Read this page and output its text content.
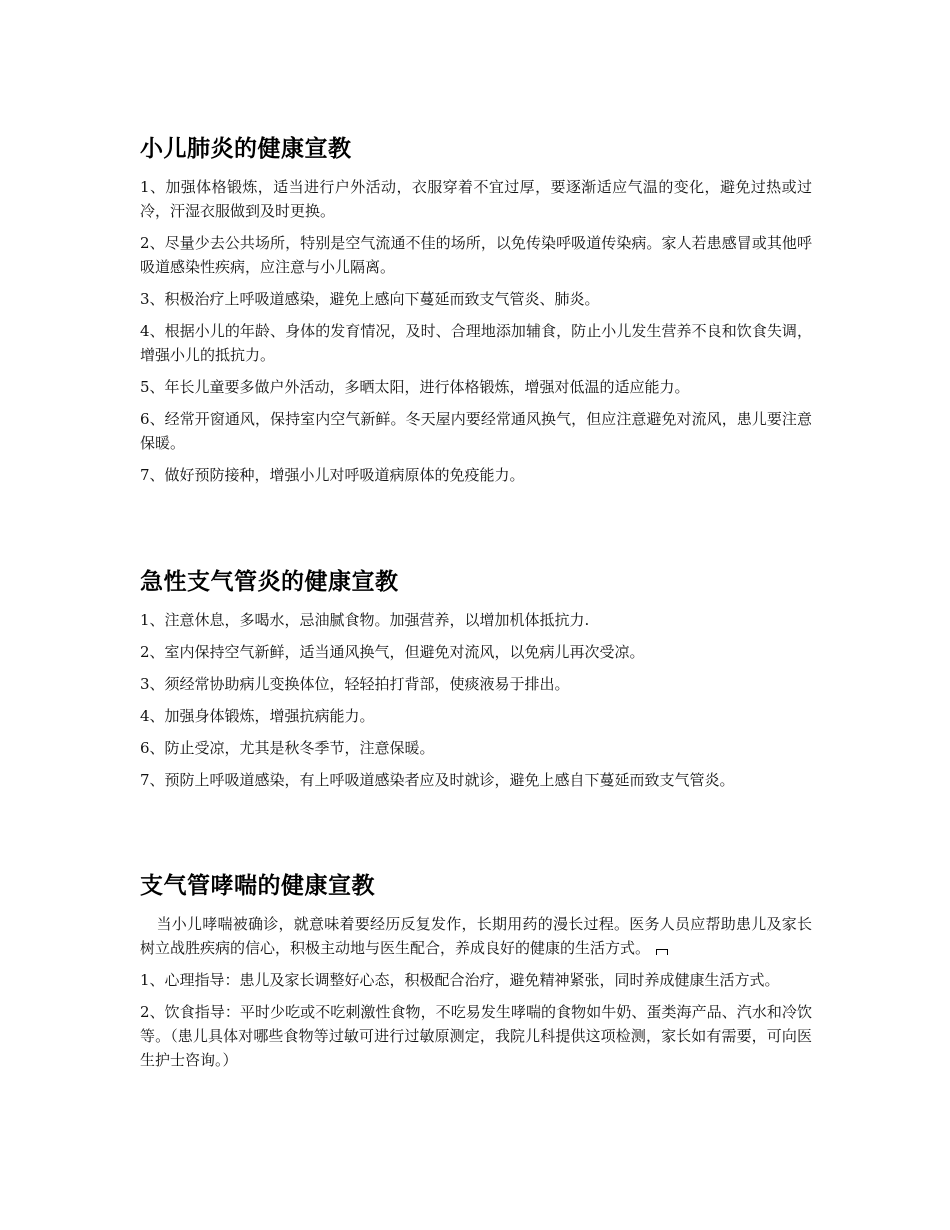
小儿肺炎的健康宣教

1、加强体格锻炼，适当进行户外活动，衣服穿着不宜过厚，要逐渐适应气温的变化，避免过热或过冷，汗湿衣服做到及时更换。

2、尽量少去公共场所，特别是空气流通不佳的场所，以免传染呼吸道传染病。家人若患感冒或其他呼吸道感染性疾病，应注意与小儿隔离。

3、积极治疗上呼吸道感染，避免上感向下蔓延而致支气管炎、肺炎。

4、根据小儿的年龄、身体的发育情况，及时、合理地添加辅食，防止小儿发生营养不良和饮食失调，增强小儿的抵抗力。

5、年长儿童要多做户外活动，多晒太阳，进行体格锻炼，增强对低温的适应能力。

6、经常开窗通风，保持室内空气新鲜。冬天屋内要经常通风换气，但应注意避免对流风，患儿要注意保暖。

7、做好预防接种，增强小儿对呼吸道病原体的免疫能力。

急性支气管炎的健康宣教

1、注意休息，多喝水，忌油腻食物。加强营养，以增加机体抵抗力.

2、室内保持空气新鲜，适当通风换气，但避免对流风，以免病儿再次受凉。

3、须经常协助病儿变换体位，轻轻拍打背部，使痰液易于排出。

4、加强身体锻炼，增强抗病能力。

6、防止受凉，尤其是秋冬季节，注意保暖。

7、预防上呼吸道感染，有上呼吸道感染者应及时就诊，避免上感自下蔓延而致支气管炎。

支气管哮喘的健康宣教

当小儿哮喘被确诊，就意味着要经历反复发作，长期用药的漫长过程。医务人员应帮助患儿及家长树立战胜疾病的信心，积极主动地与医生配合，养成良好的健康的生活方式。

1、心理指导：患儿及家长调整好心态，积极配合治疗，避免精神紧张，同时养成健康生活方式。

2、饮食指导：平时少吃或不吃刺激性食物，不吃易发生哮喘的食物如牛奶、蛋类海产品、汽水和冷饮等。（患儿具体对哪些食物等过敏可进行过敏原测定，我院儿科提供这项检测，家长如有需要，可向医生护士咨询。）
